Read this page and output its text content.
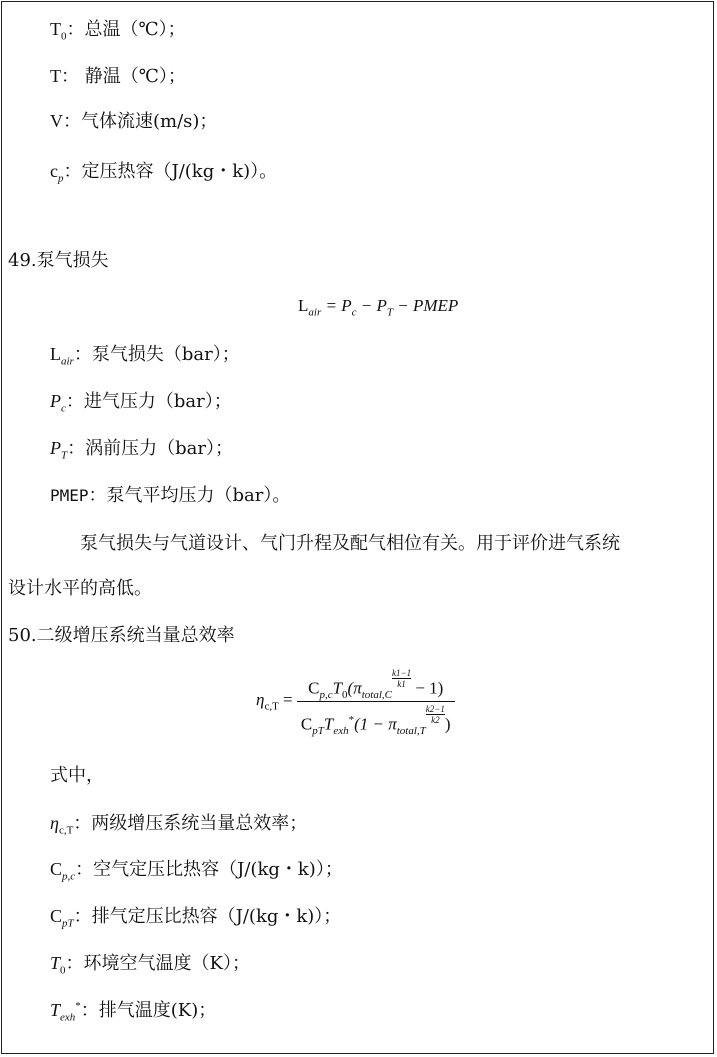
$T_0$：总温（℃）；
T： 静温（℃）；
V：气体流速(m/s)；
$c_p$：定压热容（J/(kg・k)）。
49.泵气损失
$L_{air} = P_c - P_T$ − PMEP
$L_{air}$：泵气损失（bar）；
$P_c$：进气压力（bar）；
$P_T$：涡前压力（bar）；
PMEP：泵气平均压力（bar）。
泵气损失与气道设计、气门升程及配气相位有关。用于评价进气系统
设计水平的高低。
50.二级增压系统当量总效率
$\eta_{c,T} = C_{p,c}T_0(\pi_{total,C}$
$\frac{k1-1}{k1} - 1$)
$C_{pT}T_{exh}^*(1 - \pi_{total,T}$
$\frac{k2-1}{k2}$ )
式中，
$\eta_{c,T}$：两级增压系统当量总效率；
$C_{p,c}$：空气定压比热容（J/(kg・k)）；
$C_{pT}$：排气定压比热容（J/(kg・k)）；
$T_0$：环境空气温度（K）；
$T_{exh}^*$：排气温度(K)；
